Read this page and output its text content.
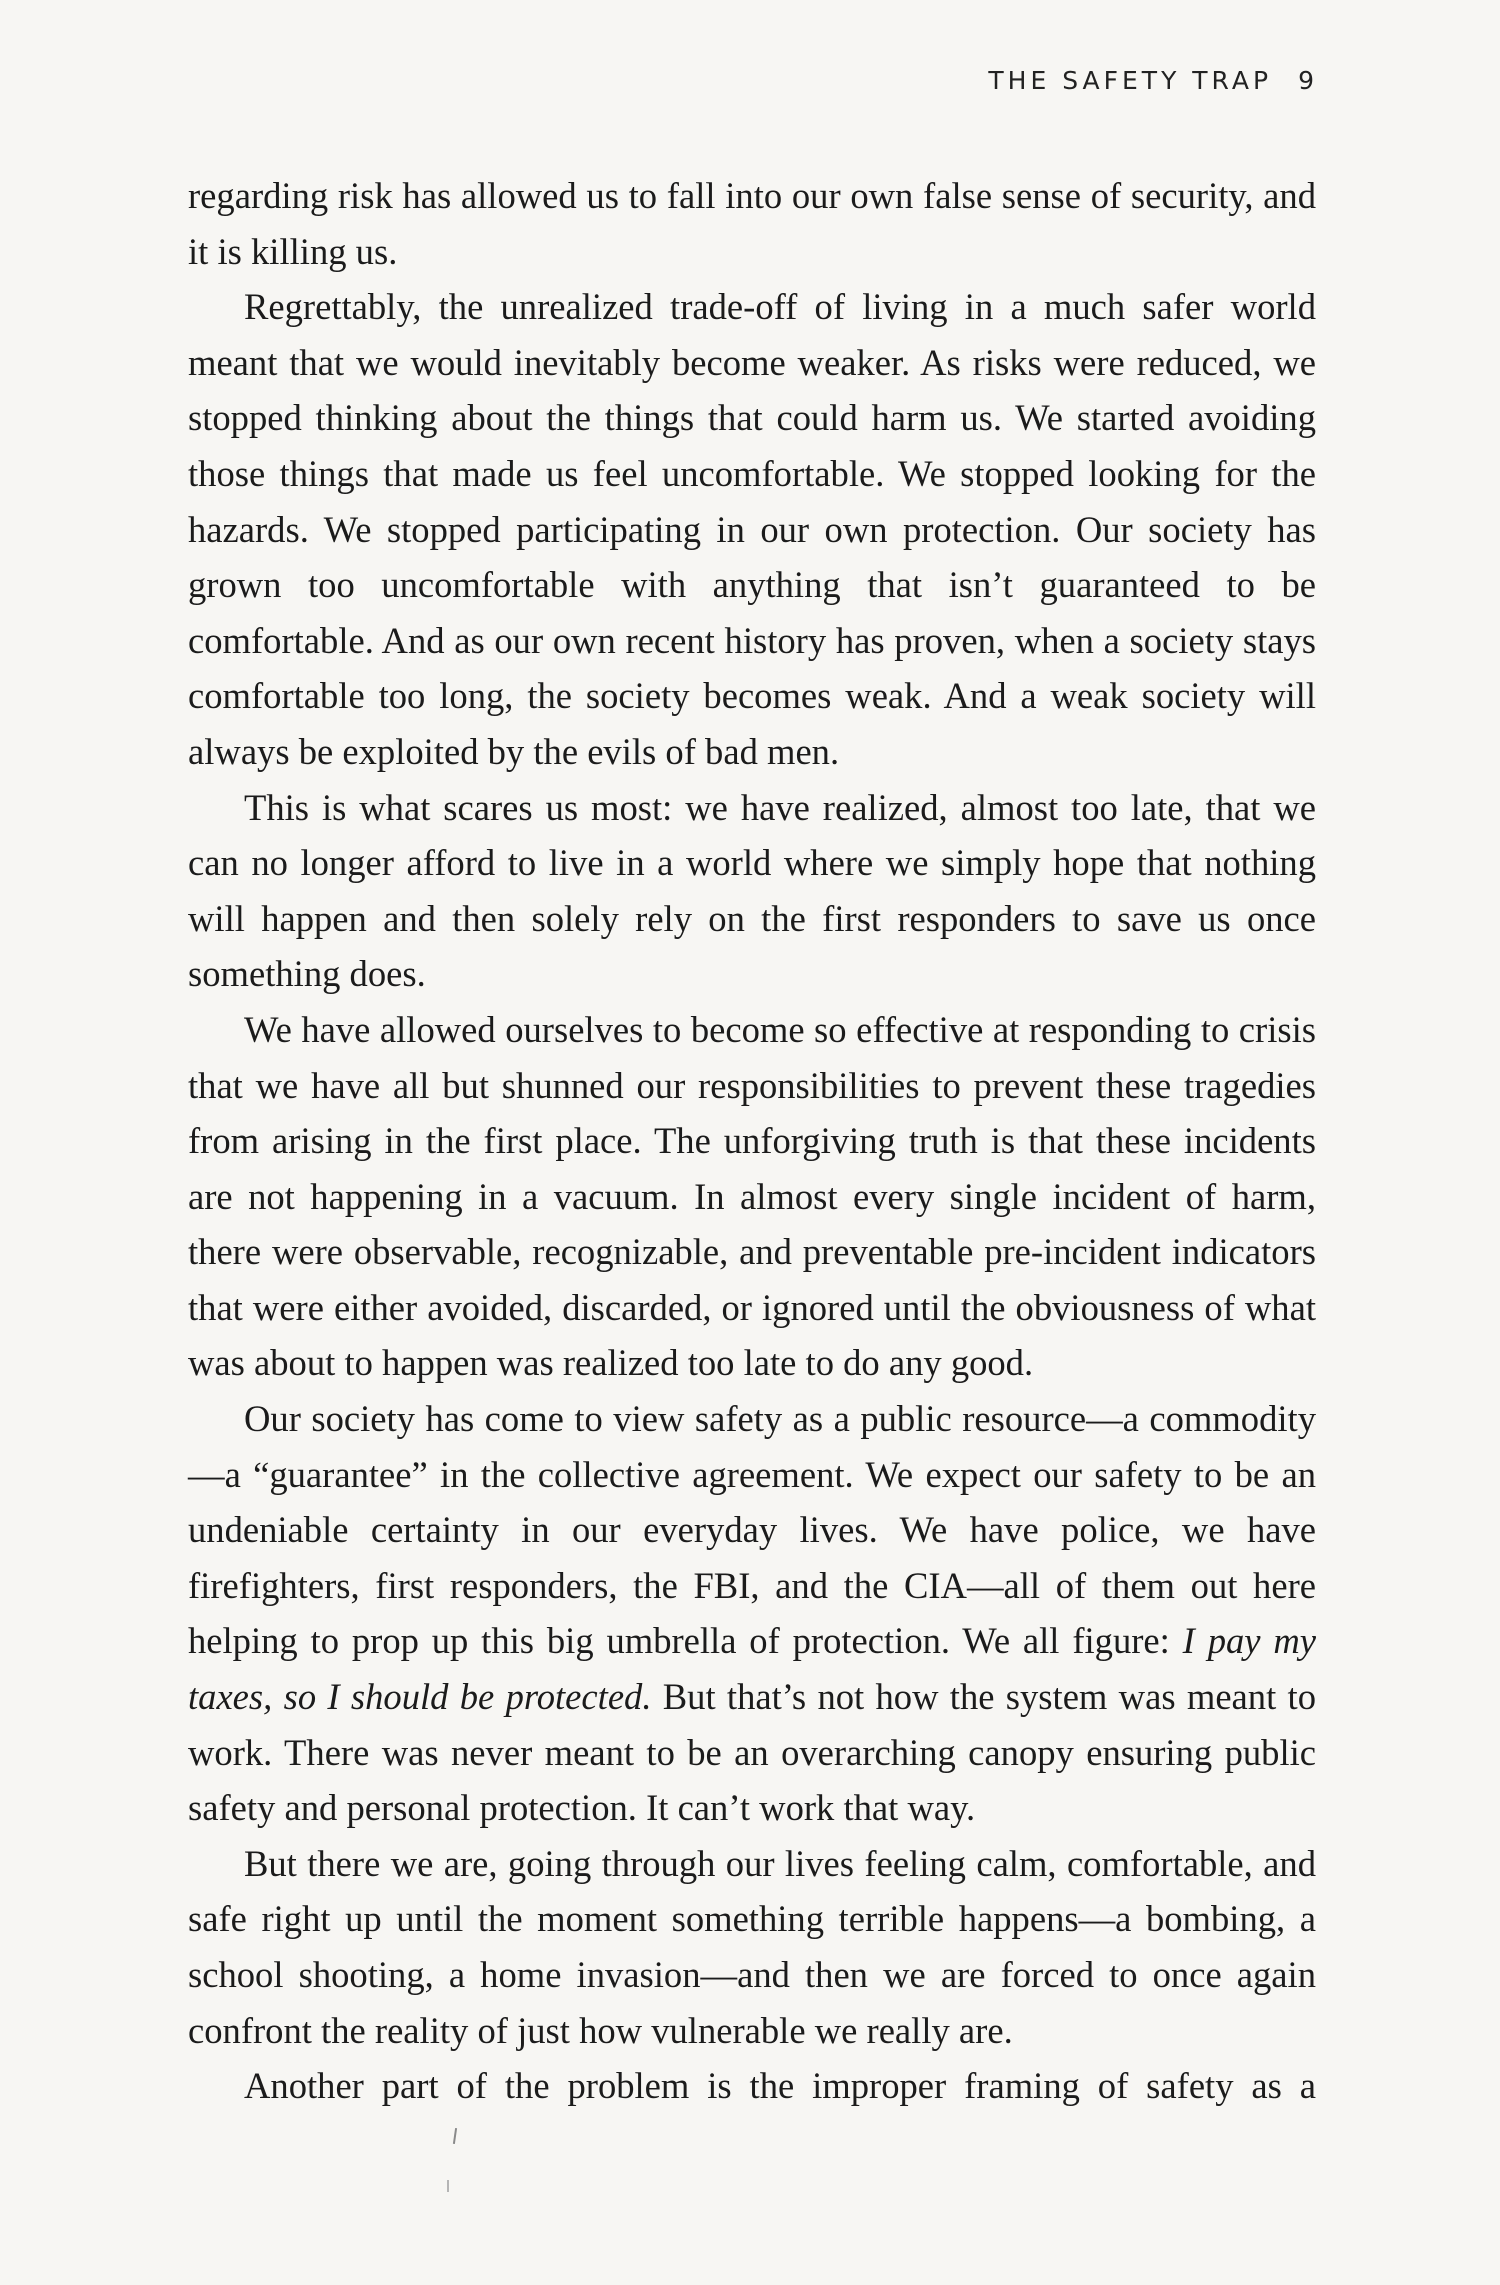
THE SAFETY TRAP 9

regarding risk has allowed us to fall into our own false sense of security, and it is killing us.

Regrettably, the unrealized trade-off of living in a much safer world meant that we would inevitably become weaker. As risks were reduced, we stopped thinking about the things that could harm us. We started avoiding those things that made us feel uncomfortable. We stopped looking for the hazards. We stopped participating in our own protection. Our society has grown too uncomfortable with anything that isn’t guaranteed to be comfortable. And as our own recent history has proven, when a society stays comfortable too long, the society becomes weak. And a weak society will always be exploited by the evils of bad men.

This is what scares us most: we have realized, almost too late, that we can no longer afford to live in a world where we simply hope that nothing will happen and then solely rely on the first responders to save us once something does.

We have allowed ourselves to become so effective at responding to crisis that we have all but shunned our responsibilities to prevent these tragedies from arising in the first place. The unforgiving truth is that these incidents are not happening in a vacuum. In almost every single incident of harm, there were observable, recognizable, and preventable pre-incident indicators that were either avoided, discarded, or ignored until the obviousness of what was about to happen was realized too late to do any good.

Our society has come to view safety as a public resource—a commodity—a “guarantee” in the collective agreement. We expect our safety to be an undeniable certainty in our everyday lives. We have police, we have firefighters, first responders, the FBI, and the CIA—all of them out here helping to prop up this big umbrella of protection. We all figure: I pay my taxes, so I should be protected. But that’s not how the system was meant to work. There was never meant to be an overarching canopy ensuring public safety and personal protection. It can’t work that way.

But there we are, going through our lives feeling calm, comfortable, and safe right up until the moment something terrible happens—a bombing, a school shooting, a home invasion—and then we are forced to once again confront the reality of just how vulnerable we really are.

Another part of the problem is the improper framing of safety as a
